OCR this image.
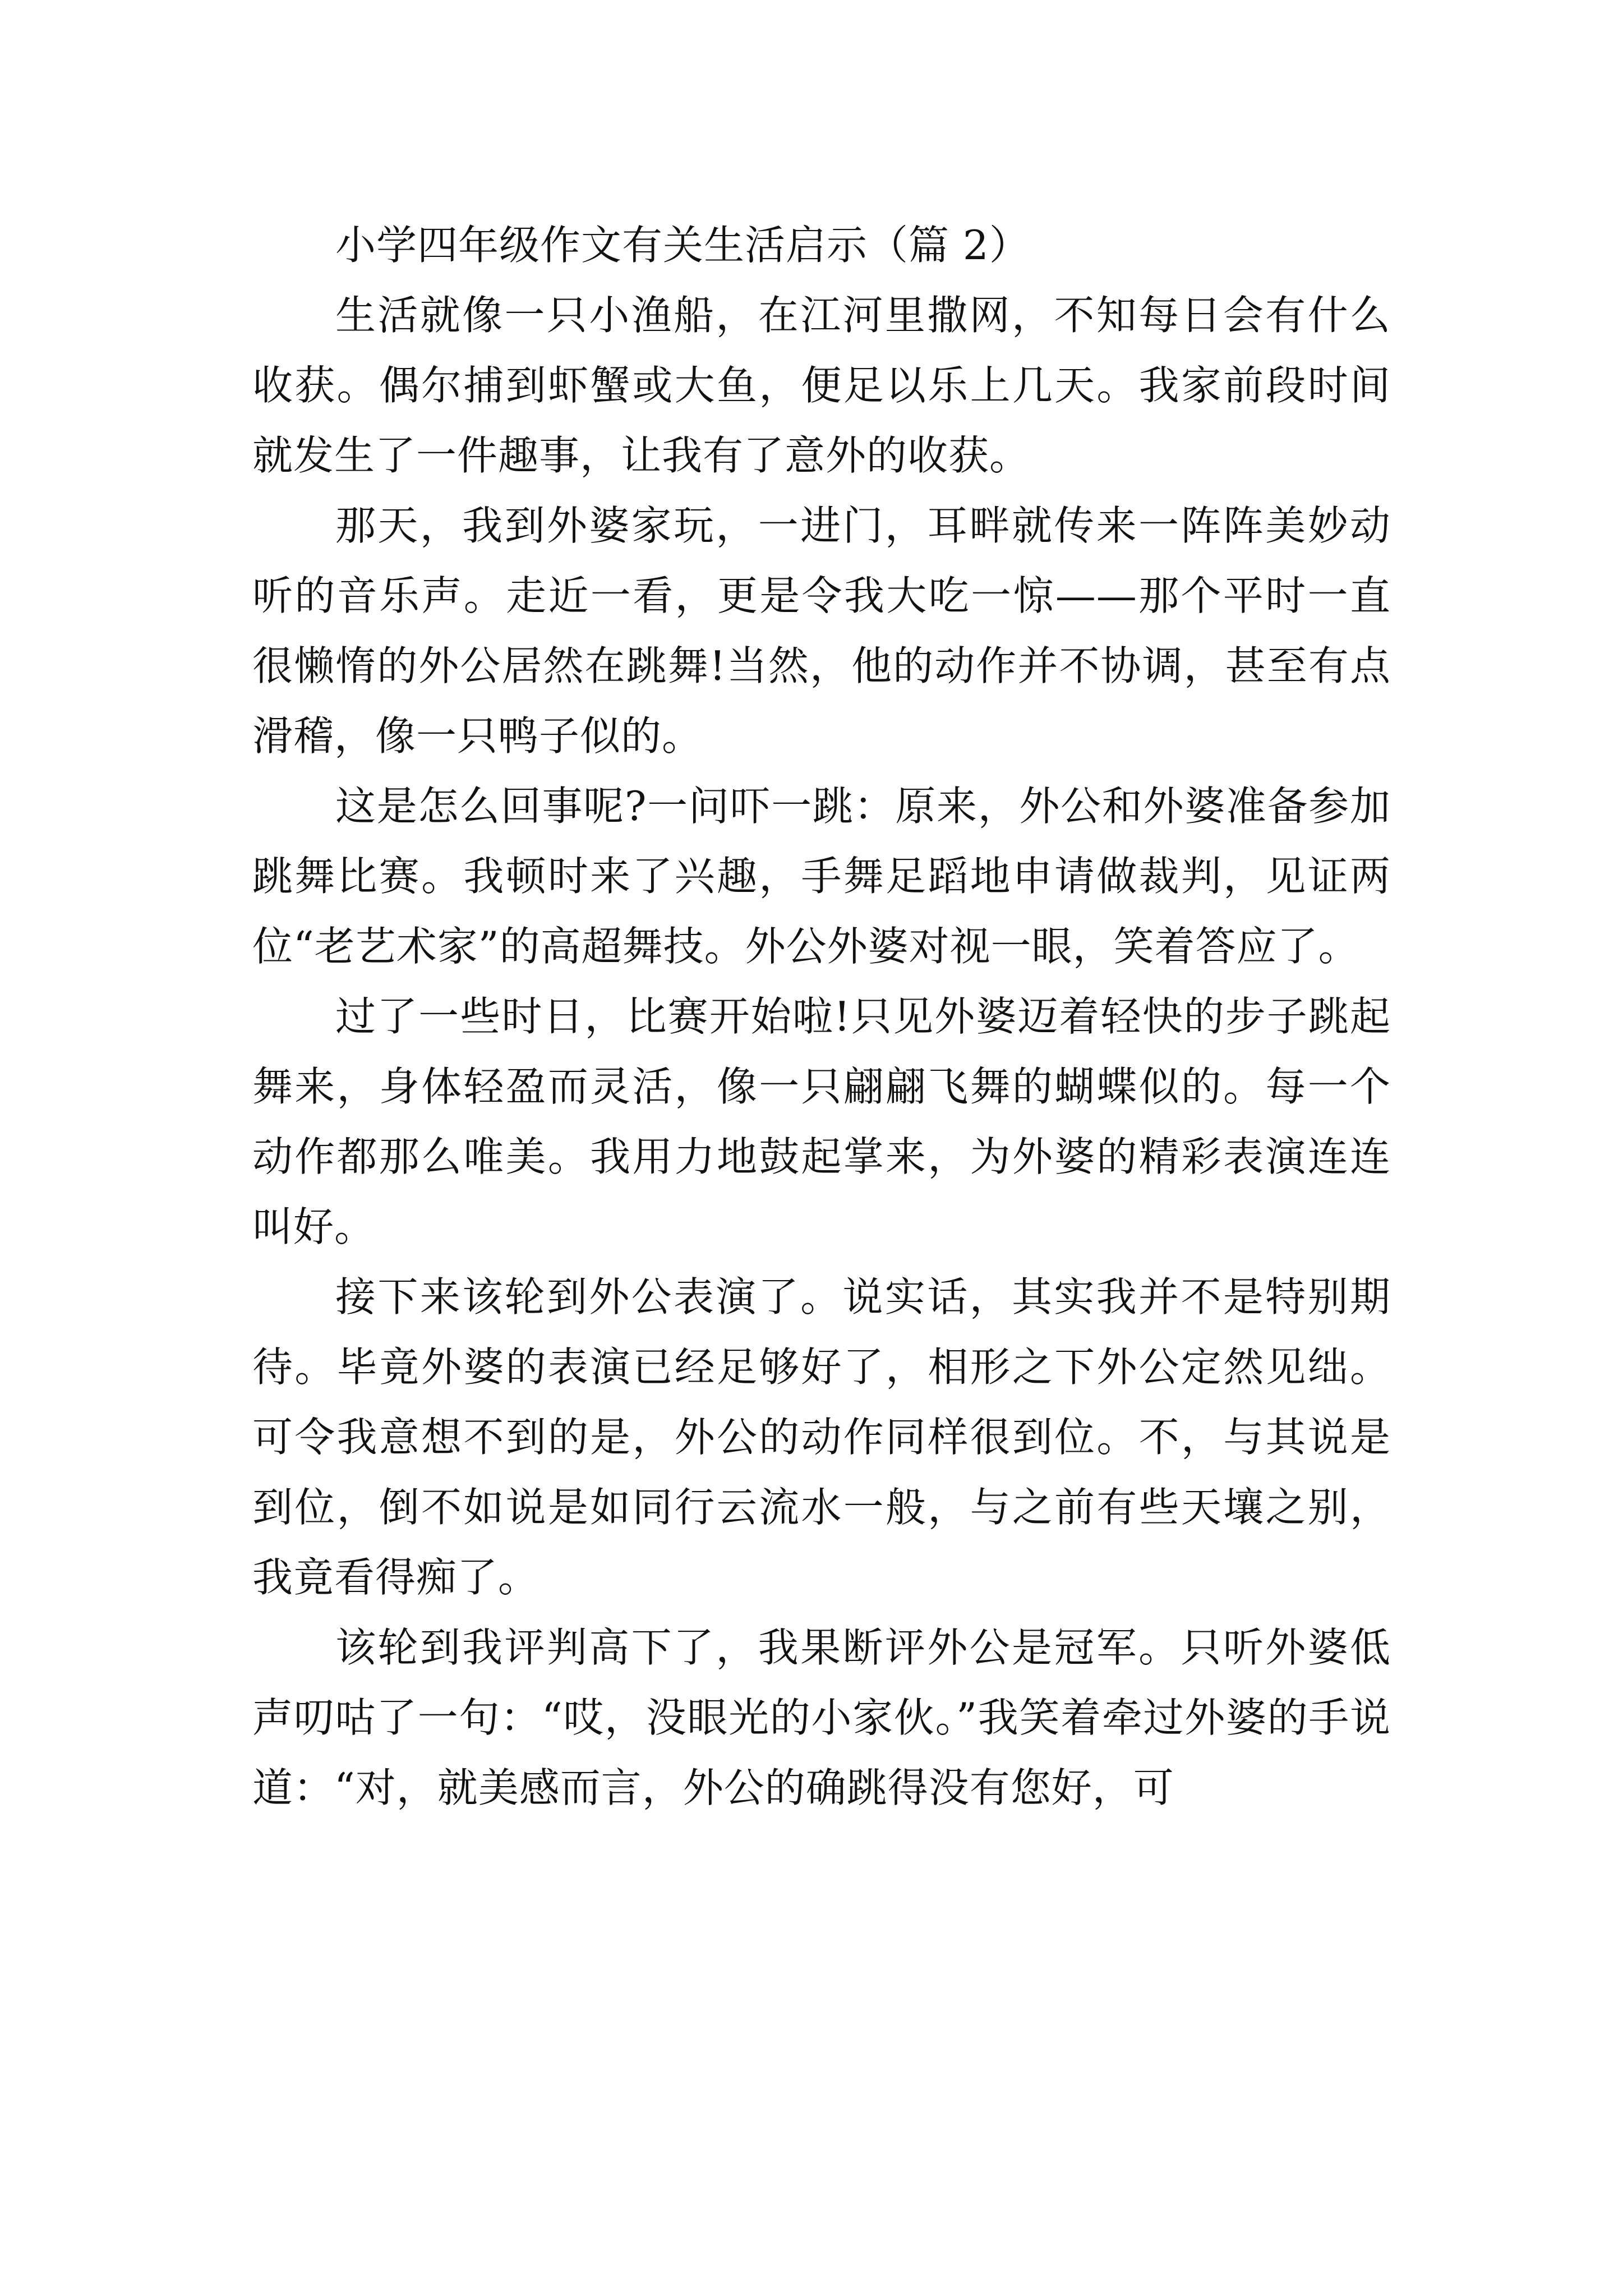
小学四年级作文有关生活启示（篇 2）

生活就像一只小渔船，在江河里撒网，不知每日会有什么收获。偶尔捕到虾蟹或大鱼，便足以乐上几天。我家前段时间就发生了一件趣事，让我有了意外的收获。

那天，我到外婆家玩，一进门，耳畔就传来一阵阵美妙动听的音乐声。走近一看，更是令我大吃一惊——那个平时一直很懒惰的外公居然在跳舞!当然，他的动作并不协调，甚至有点滑稽，像一只鸭子似的。

这是怎么回事呢?一问吓一跳：原来，外公和外婆准备参加跳舞比赛。我顿时来了兴趣，手舞足蹈地申请做裁判，见证两位“老艺术家”的高超舞技。外公外婆对视一眼，笑着答应了。

过了一些时日，比赛开始啦!只见外婆迈着轻快的步子跳起舞来，身体轻盈而灵活，像一只翩翩飞舞的蝴蝶似的。每一个动作都那么唯美。我用力地鼓起掌来，为外婆的精彩表演连连叫好。

接下来该轮到外公表演了。说实话，其实我并不是特别期待。毕竟外婆的表演已经足够好了，相形之下外公定然见绌。可令我意想不到的是，外公的动作同样很到位。不，与其说是到位，倒不如说是如同行云流水一般，与之前有些天壤之别，我竟看得痴了。

该轮到我评判高下了，我果断评外公是冠军。只听外婆低声叨咕了一句：“哎，没眼光的小家伙。”我笑着牵过外婆的手说道：“对，就美感而言，外公的确跳得没有您好，可
